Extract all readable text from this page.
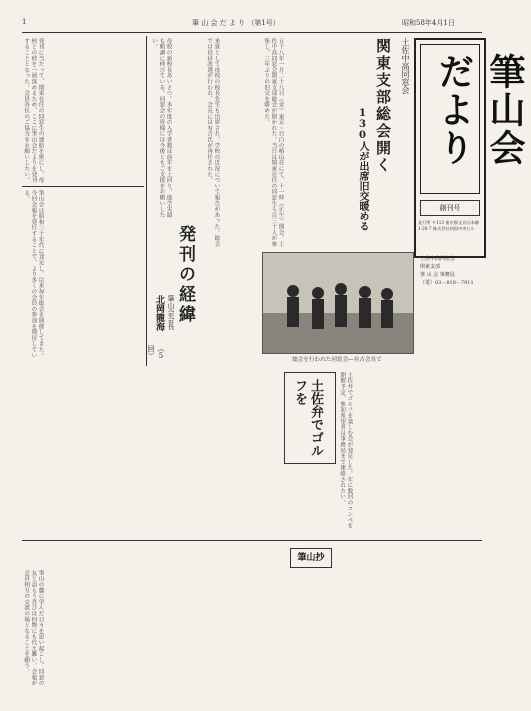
1	筆 山 会 だ よ り （第1号）	昭和58年4月1日
筆山会だより
創刊号
発行所 〒113 東京都文京区本郷1-28-7 株式会社四国中央ビル
土佐中高同窓会
関東支部
筆 山 会 事務局
（電）03－818－7911
土佐中高同窓会
関東支部総会開く
130人が出席旧交暖める
五十八年一月二十八日（金）東京・目白の椿山荘にて、十一時（正午）開会。土佐中高同窓会関東支部総会が開かれた。当日は関東在住の同窓生ら百三十人が参集し、三年ぶりの旧交を暖めた。
来賓として母校の校長先生も出席され、学校の近況について報告があった。総会では役員改選が行われ、会長には有吉氏が再任された。
母校の新校長あいさつ。本年度の入学者数は前年を上回り、進学実績も順調に伸びている。同窓会の皆様には今後ともご支援をお願いしたい。
発刊に当たって、関東在住の同窓生の連絡を密にし、母校との絆を一層深めるため、ここに筆山会だよりを発刊することとなった。会員各位のご協力をお願いしたい。
筆山会は昭和三十年代に発足し、以来毎年総会を開催してきた。今回会報を発行することで、より多くの会員の参加を期待している。
発刊の経緯
筆山会会長
北岡龍海
（5回）
総会を行われた同窓会―有吉会長で
土佐弁でゴルフを	土佐弁でゴルフを楽しむ会が発足した。年に数回のコンペを開催予定。参加希望者は事務局まで連絡されたい。
筆山抄
筆山の麓に学んだ日々を思い起こし、同窓の友と語らう喜びは何物にも代え難い。会報が会員相互の交流の場となることを願う。
